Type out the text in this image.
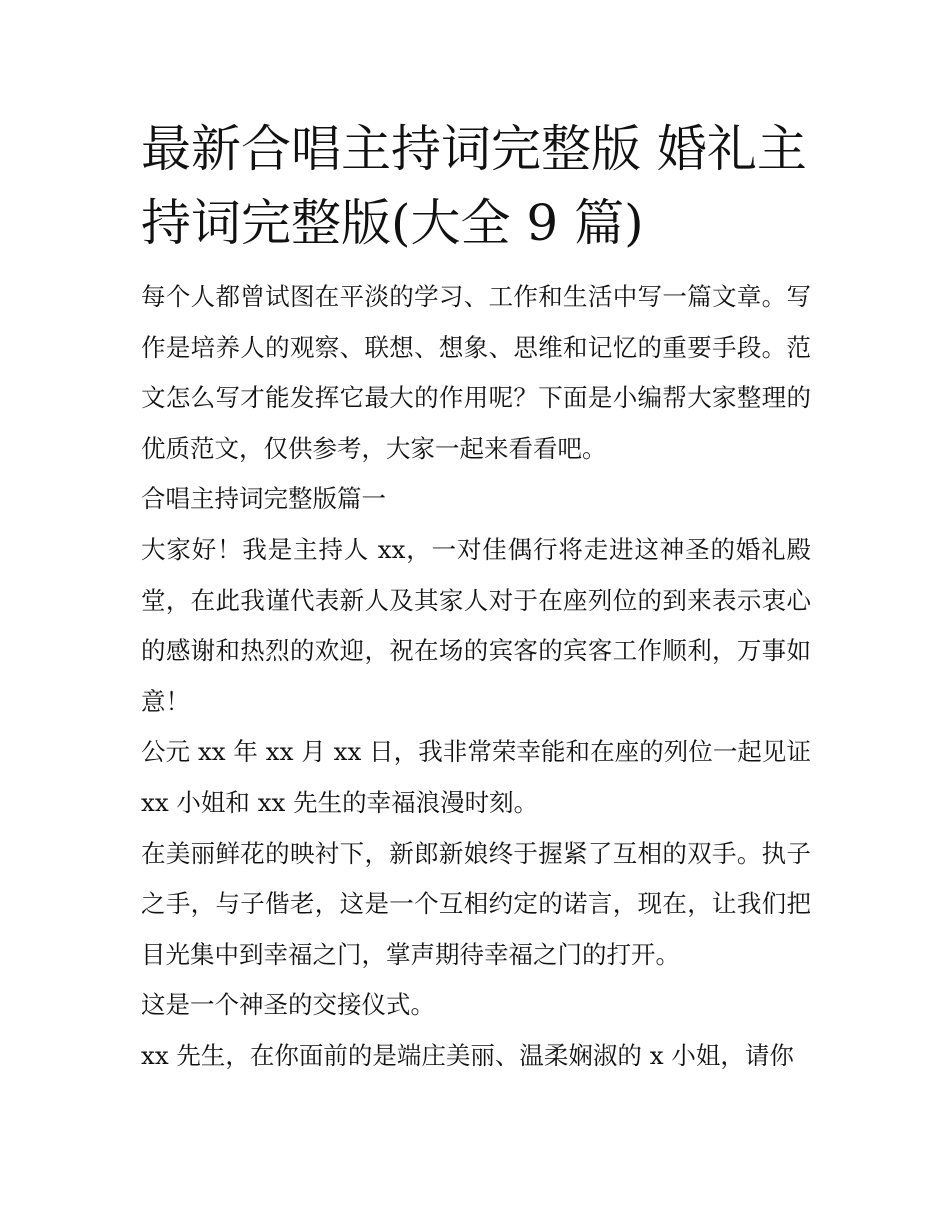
最新合唱主持词完整版 婚礼主持词完整版(大全 9 篇)

每个人都曾试图在平淡的学习、工作和生活中写一篇文章。写作是培养人的观察、联想、想象、思维和记忆的重要手段。范文怎么写才能发挥它最大的作用呢？下面是小编帮大家整理的优质范文，仅供参考，大家一起来看看吧。

合唱主持词完整版篇一

大家好！我是主持人 xx，一对佳偶行将走进这神圣的婚礼殿堂，在此我谨代表新人及其家人对于在座列位的到来表示衷心的感谢和热烈的欢迎，祝在场的宾客的宾客工作顺利，万事如意！

公元 xx 年 xx 月 xx 日，我非常荣幸能和在座的列位一起见证 xx 小姐和 xx 先生的幸福浪漫时刻。

在美丽鲜花的映衬下，新郎新娘终于握紧了互相的双手。执子之手，与子偕老，这是一个互相约定的诺言，现在，让我们把目光集中到幸福之门，掌声期待幸福之门的打开。

这是一个神圣的交接仪式。

xx 先生，在你面前的是端庄美丽、温柔娴淑的 x 小姐，请你
